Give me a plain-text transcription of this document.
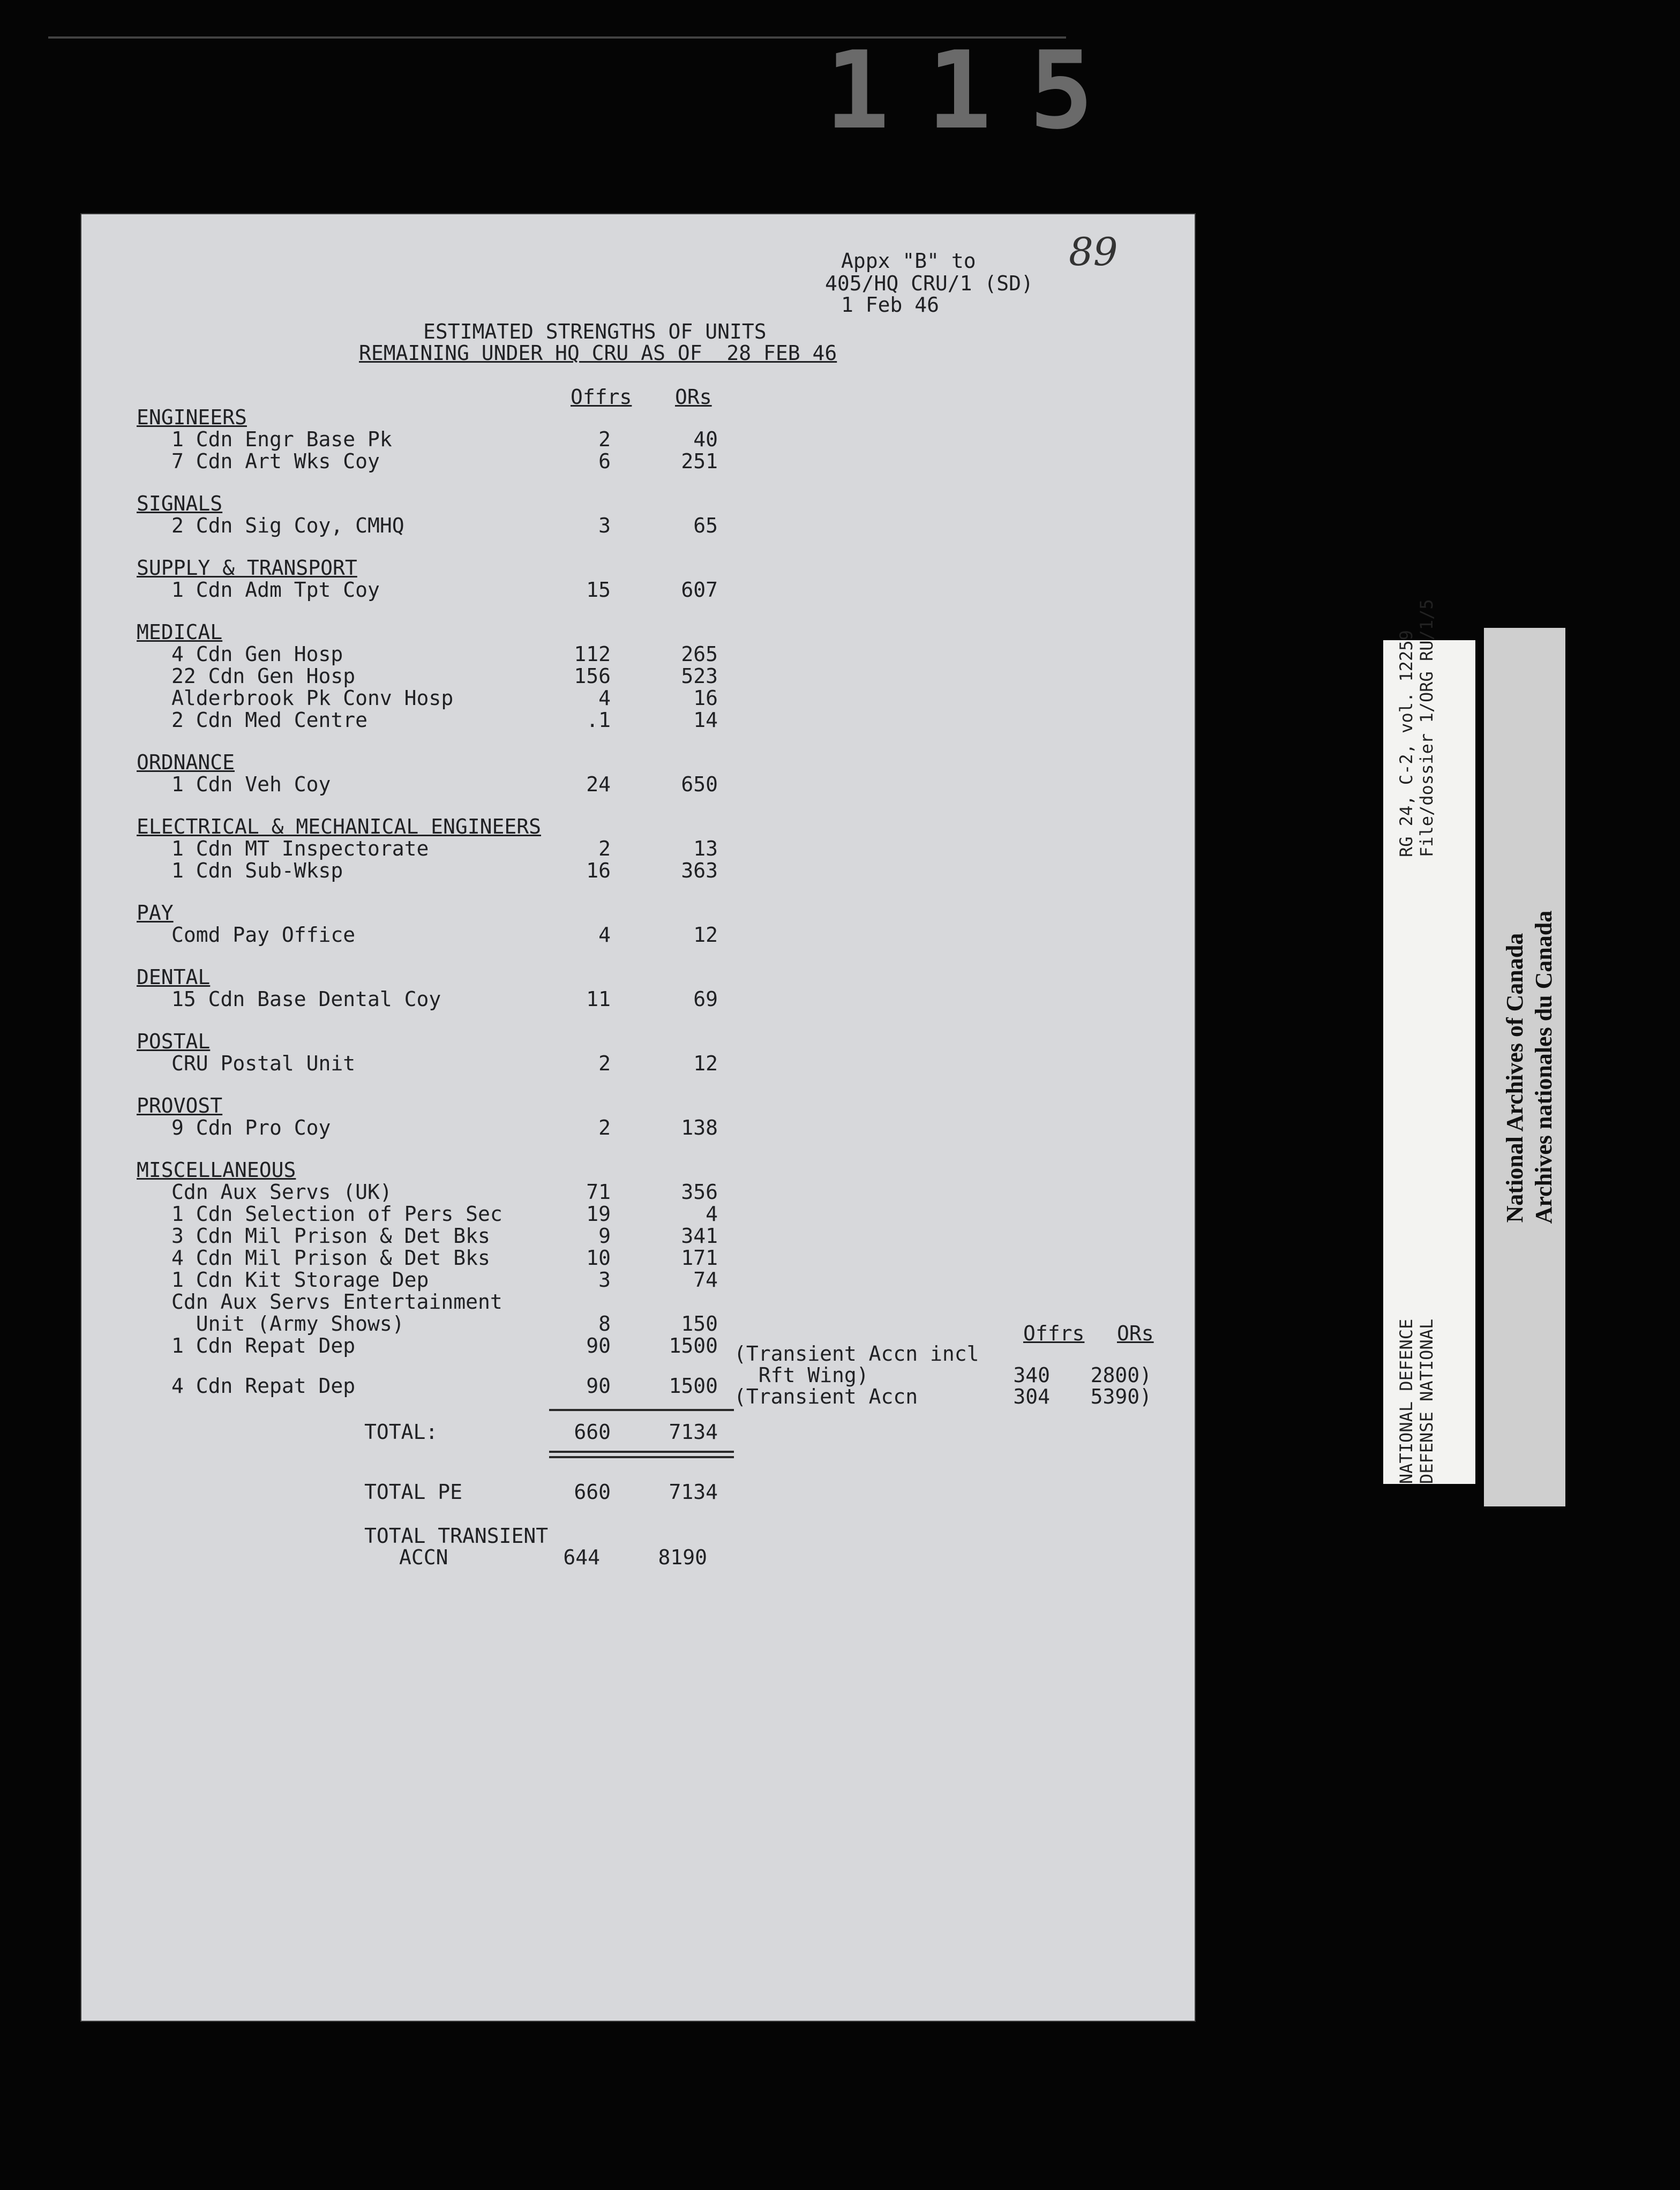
115
89
Appx "B" to
405/HQ CRU/1 (SD)
1 Feb 46
ESTIMATED STRENGTHS OF UNITS
REMAINING UNDER HQ CRU AS OF  28 FEB 46
Offrs ORs
ENGINEERS
1 Cdn Engr Base Pk	2	40
7 Cdn Art Wks Coy	6	251
SIGNALS
2 Cdn Sig Coy, CMHQ	3	65
SUPPLY & TRANSPORT
1 Cdn Adm Tpt Coy	15	607
MEDICAL
4 Cdn Gen Hosp	112	265
22 Cdn Gen Hosp	156	523
Alderbrook Pk Conv Hosp	4	16
2 Cdn Med Centre	.1	14
ORDNANCE
1 Cdn Veh Coy	24	650
ELECTRICAL & MECHANICAL ENGINEERS
1 Cdn MT Inspectorate	2	13
1 Cdn Sub-Wksp	16	363
PAY
Comd Pay Office	4	12
DENTAL
15 Cdn Base Dental Coy	11	69
POSTAL
CRU Postal Unit	2	12
PROVOST
9 Cdn Pro Coy	2	138
MISCELLANEOUS
Cdn Aux Servs (UK)	71	356
1 Cdn Selection of Pers Sec	19	4
3 Cdn Mil Prison & Det Bks	9	341
4 Cdn Mil Prison & Det Bks	10	171
1 Cdn Kit Storage Dep	3	74
Cdn Aux Servs Entertainment
Unit (Army Shows)	8	150
1 Cdn Repat Dep	90	1500
4 Cdn Repat Dep	90	1500
Offrs ORs
(Transient Accn incl
Rft Wing)	340	2800)
(Transient Accn	304	5390)
TOTAL:	660	7134
TOTAL PE	660	7134
TOTAL TRANSIENT
ACCN	644	8190
NATIONAL DEFENCE DEFENSE NATIONAL
RG 24, C-2, vol. 12259 File/dossier 1/ORG RU/1/5
National Archives of Canada Archives nationales du Canada
